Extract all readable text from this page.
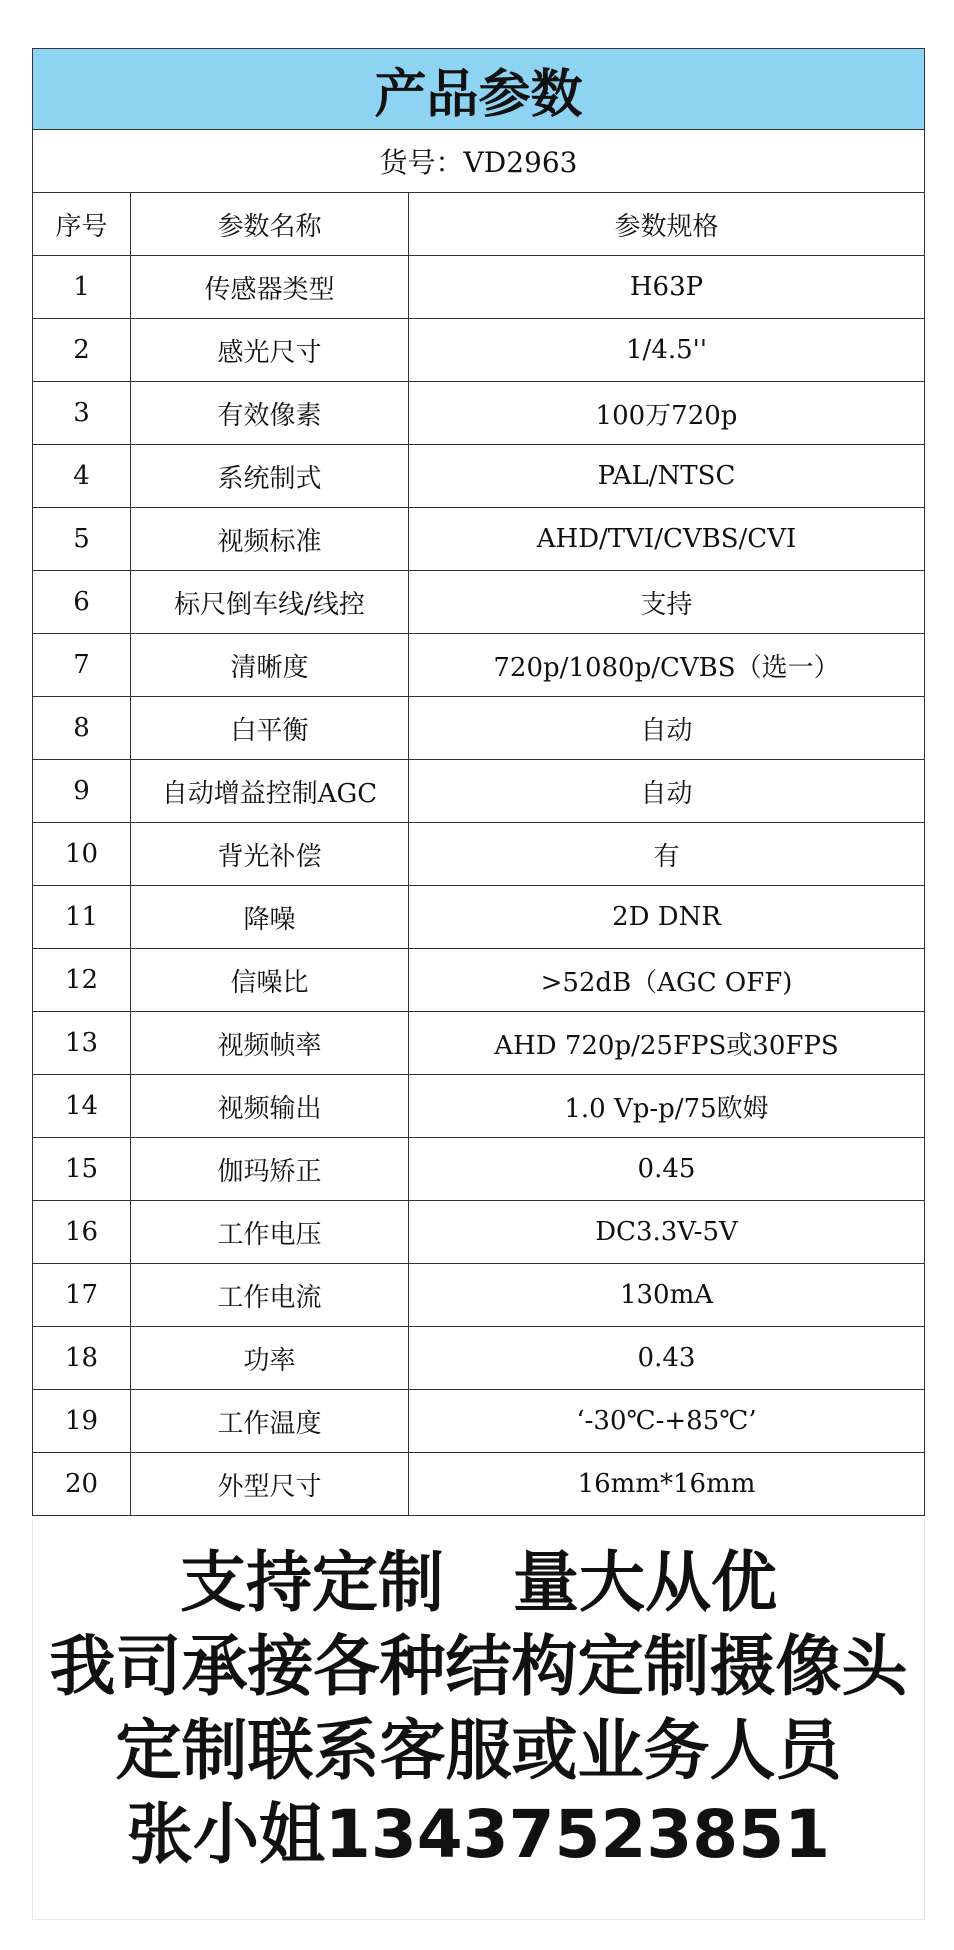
产品参数
货号：VD2963
序号	参数名称	参数规格
1	传感器类型	H63P
2	感光尺寸	1/4.5''
3	有效像素	100万720p
4	系统制式	PAL/NTSC
5	视频标准	AHD/TVI/CVBS/CVI
6	标尺倒车线/线控	支持
7	清晰度	720p/1080p/CVBS（选一）
8	白平衡	自动
9	自动增益控制AGC	自动
10	背光补偿	有
11	降噪	2D DNR
12	信噪比	>52dB（AGC OFF)
13	视频帧率	AHD 720p/25FPS或30FPS
14	视频输出	1.0 Vp-p/75欧姆
15	伽玛矫正	0.45
16	工作电压	DC3.3V-5V
17	工作电流	130mA
18	功率	0.43
19	工作温度	‘-30℃-+85℃’
20	外型尺寸	16mm*16mm
支持定制   量大从优
我司承接各种结构定制摄像头
定制联系客服或业务人员
张小姐13437523851
